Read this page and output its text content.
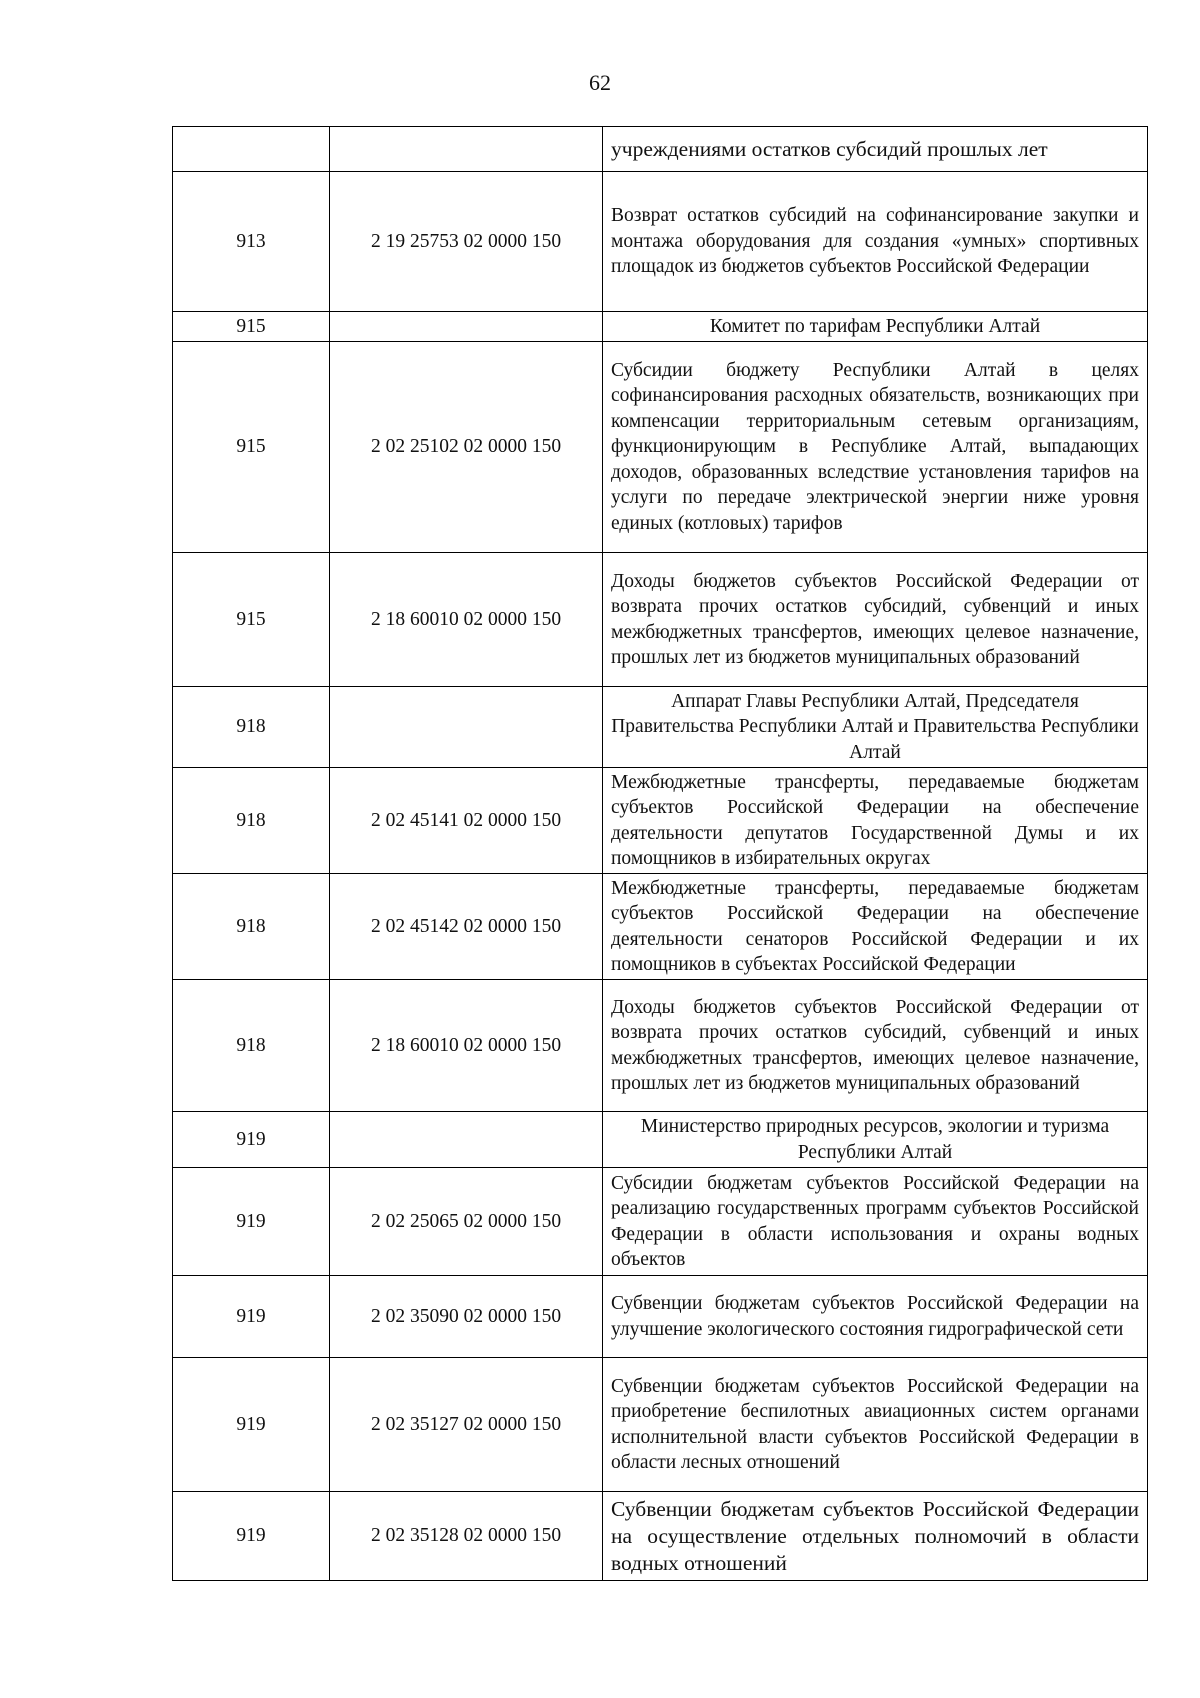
62
		учреждениями остатков субсидий прошлых лет
913	2 19 25753 02 0000 150	Возврат остатков субсидий на софинансирование закупки и монтажа оборудования для создания «умных» спортивных площадок из бюджетов субъектов Российской Федерации
915		Комитет по тарифам Республики Алтай
915	2 02 25102 02 0000 150	Субсидии бюджету Республики Алтай в целях софинансирования расходных обязательств, возникающих при компенсации территориальным сетевым организациям, функционирующим в Республике Алтай, выпадающих доходов, образованных вследствие установления тарифов на услуги по передаче электрической энергии ниже уровня единых (котловых) тарифов
915	2 18 60010 02 0000 150	Доходы бюджетов субъектов Российской Федерации от возврата прочих остатков субсидий, субвенций и иных межбюджетных трансфертов, имеющих целевое назначение, прошлых лет из бюджетов муниципальных образований
918		Аппарат Главы Республики Алтай, Председателя Правительства Республики Алтай и Правительства Республики Алтай
918	2 02 45141 02 0000 150	Межбюджетные трансферты, передаваемые бюджетам субъектов Российской Федерации на обеспечение деятельности депутатов Государственной Думы и их помощников в избирательных округах
918	2 02 45142 02 0000 150	Межбюджетные трансферты, передаваемые бюджетам субъектов Российской Федерации на обеспечение деятельности сенаторов Российской Федерации и их помощников в субъектах Российской Федерации
918	2 18 60010 02 0000 150	Доходы бюджетов субъектов Российской Федерации от возврата прочих остатков субсидий, субвенций и иных межбюджетных трансфертов, имеющих целевое назначение, прошлых лет из бюджетов муниципальных образований
919		Министерство природных ресурсов, экологии и туризма Республики Алтай
919	2 02 25065 02 0000 150	Субсидии бюджетам субъектов Российской Федерации на реализацию государственных программ субъектов Российской Федерации в области использования и охраны водных объектов
919	2 02 35090 02 0000 150	Субвенции бюджетам субъектов Российской Федерации на улучшение экологического состояния гидрографической сети
919	2 02 35127 02 0000 150	Субвенции бюджетам субъектов Российской Федерации на приобретение беспилотных авиационных систем органами исполнительной власти субъектов Российской Федерации в области лесных отношений
919	2 02 35128 02 0000 150	Субвенции бюджетам субъектов Российской Федерации на осуществление отдельных полномочий в области водных отношений
